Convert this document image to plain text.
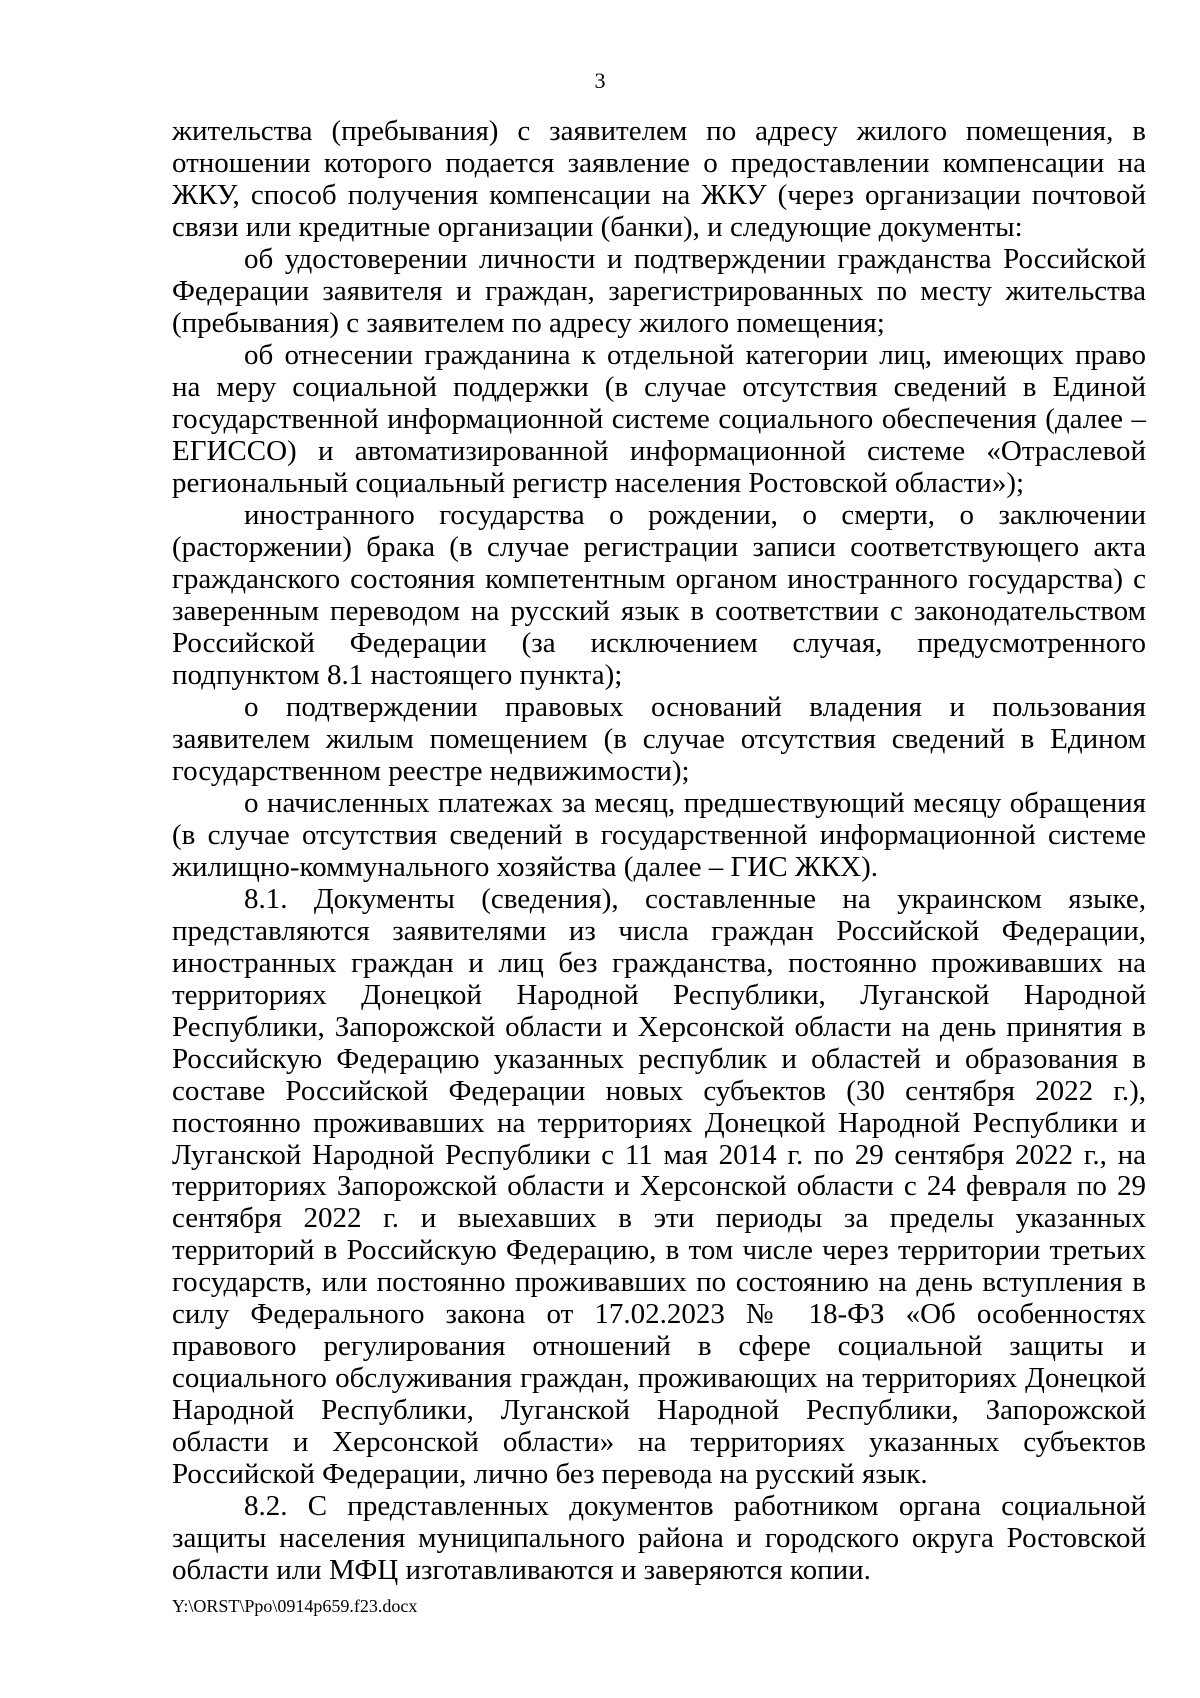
3

жительства (пребывания) с заявителем по адресу жилого помещения, в отношении которого подается заявление о предоставлении компенсации на ЖКУ, способ получения компенсации на ЖКУ (через организации почтовой связи или кредитные организации (банки), и следующие документы:

об удостоверении личности и подтверждении гражданства Российской Федерации заявителя и граждан, зарегистрированных по месту жительства (пребывания) с заявителем по адресу жилого помещения;

об отнесении гражданина к отдельной категории лиц, имеющих право на меру социальной поддержки (в случае отсутствия сведений в Единой государственной информационной системе социального обеспечения (далее – ЕГИССО) и автоматизированной информационной системе «Отраслевой региональный социальный регистр населения Ростовской области»);

иностранного государства о рождении, о смерти, о заключении (расторжении) брака (в случае регистрации записи соответствующего акта гражданского состояния компетентным органом иностранного государства) с заверенным переводом на русский язык в соответствии с законодательством Российской Федерации (за исключением случая, предусмотренного подпунктом 8.1 настоящего пункта);

о подтверждении правовых оснований владения и пользования заявителем жилым помещением (в случае отсутствия сведений в Едином государственном реестре недвижимости);

о начисленных платежах за месяц, предшествующий месяцу обращения (в случае отсутствия сведений в государственной информационной системе жилищно-коммунального хозяйства (далее – ГИС ЖКХ).

8.1. Документы (сведения), составленные на украинском языке, представляются заявителями из числа граждан Российской Федерации, иностранных граждан и лиц без гражданства, постоянно проживавших на территориях Донецкой Народной Республики, Луганской Народной Республики, Запорожской области и Херсонской области на день принятия в Российскую Федерацию указанных республик и областей и образования в составе Российской Федерации новых субъектов (30 сентября 2022 г.), постоянно проживавших на территориях Донецкой Народной Республики и Луганской Народной Республики с 11 мая 2014 г. по 29 сентября 2022 г., на территориях Запорожской области и Херсонской области с 24 февраля по 29 сентября 2022 г. и выехавших в эти периоды за пределы указанных территорий в Российскую Федерацию, в том числе через территории третьих государств, или постоянно проживавших по состоянию на день вступления в силу Федерального закона от 17.02.2023 № 18-ФЗ «Об особенностях правового регулирования отношений в сфере социальной защиты и социального обслуживания граждан, проживающих на территориях Донецкой Народной Республики, Луганской Народной Республики, Запорожской области и Херсонской области» на территориях указанных субъектов Российской Федерации, лично без перевода на русский язык.

8.2. С представленных документов работником органа социальной защиты населения муниципального района и городского округа Ростовской области или МФЦ изготавливаются и заверяются копии.

Y:\ORST\Ppo\0914p659.f23.docx
